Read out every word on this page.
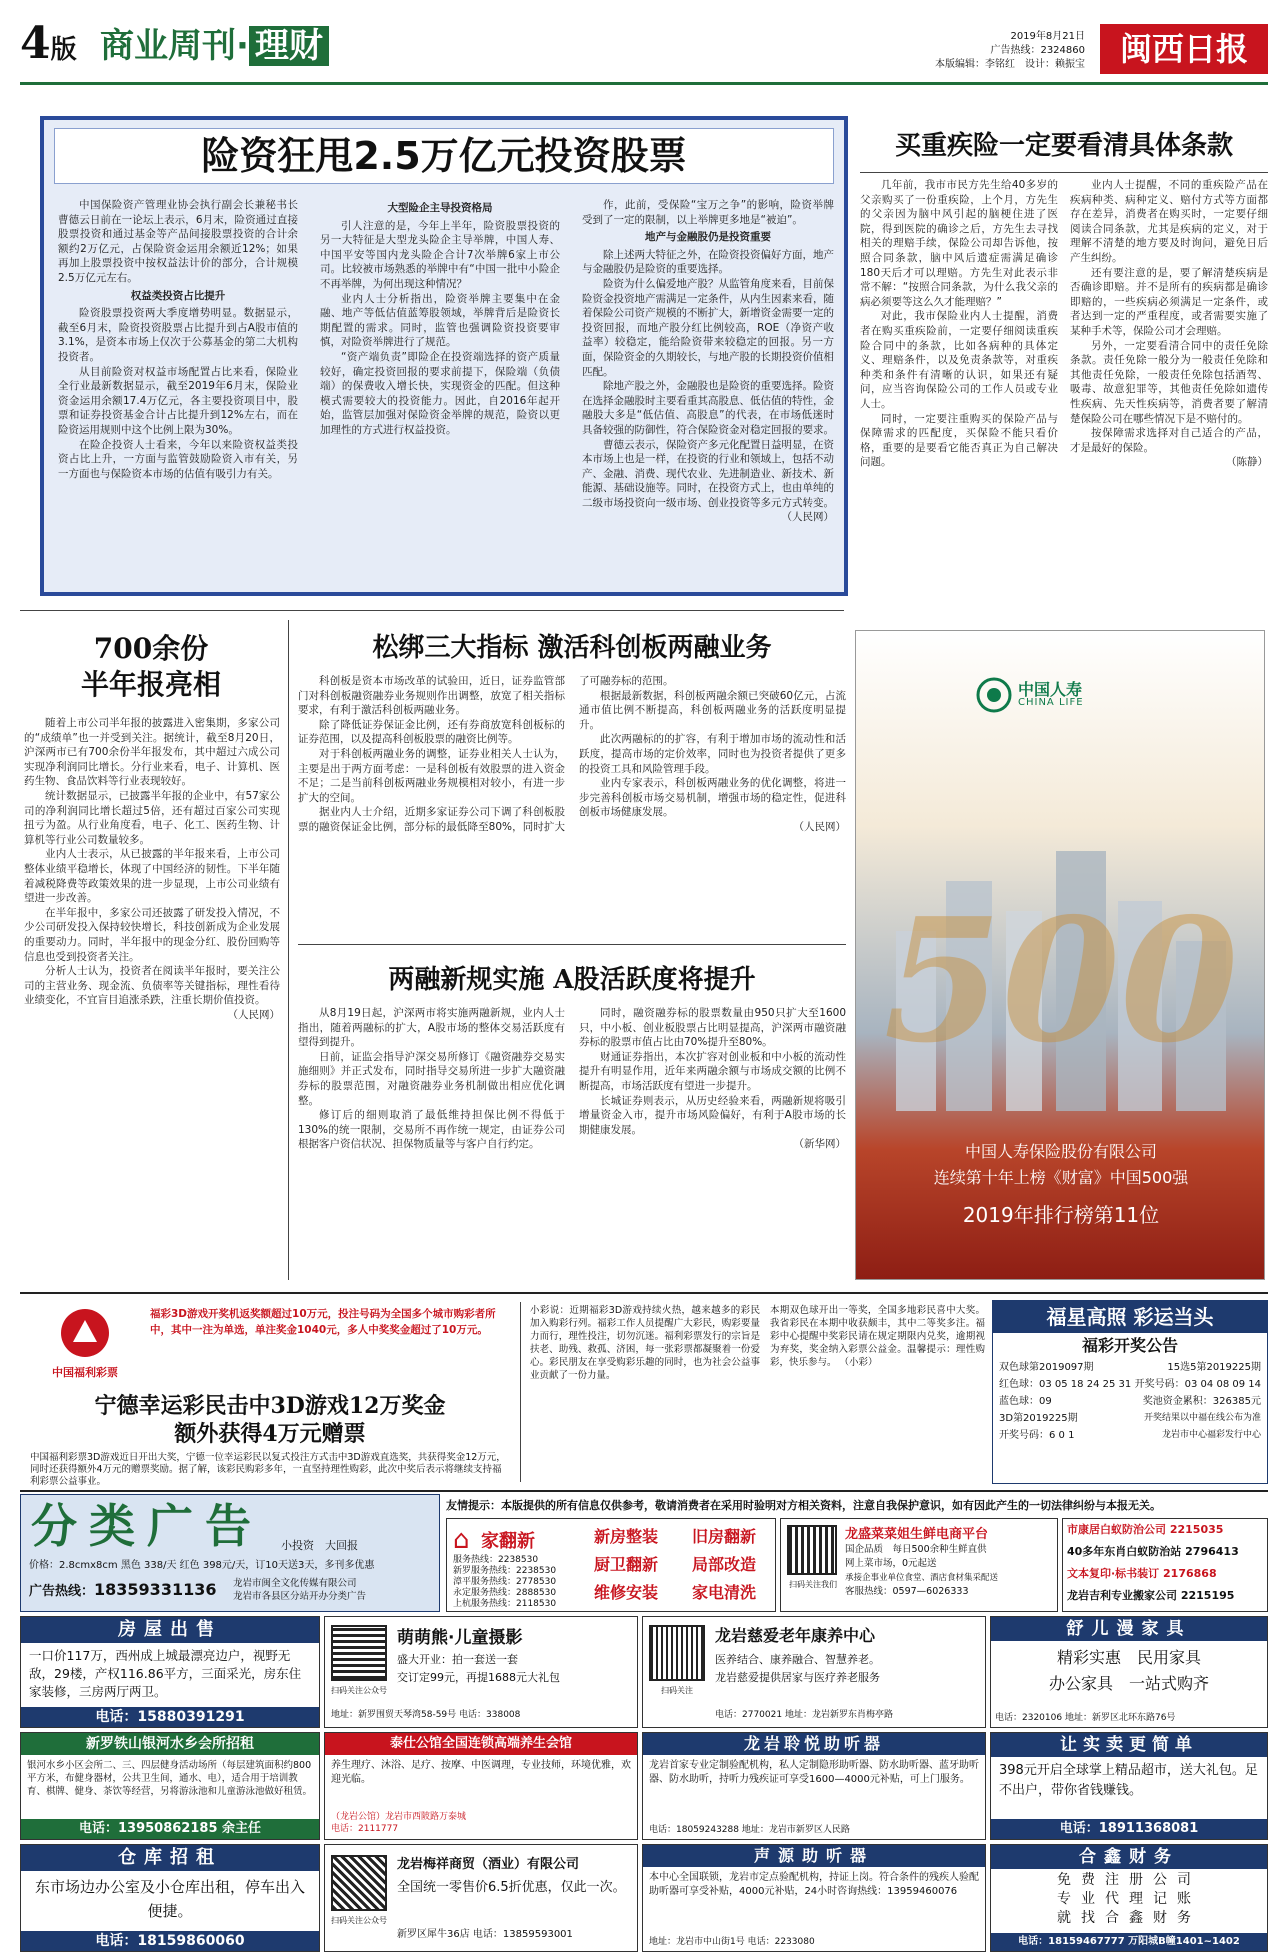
4版 商业周刊· 理财	2019年8月21日
广告热线：2324860
本版编辑：李铭红　设计：赖振宝	闽西日报
险资狂甩2.5万亿元投资股票

中国保险资产管理业协会执行副会长兼秘书长曹德云日前在一论坛上表示，6月末，险资通过直接股票投资和通过基金等产品间接股票投资的合计余额约2万亿元，占保险资金运用余额近12%；如果再加上股票投资中按权益法计价的部分，合计规模2.5万亿元左右。

权益类投资占比提升

险资股票投资两大季度增势明显。数据显示，截至6月末，险资投资股票占比提升到占A股市值的3.1%，是资本市场上仅次于公募基金的第二大机构投资者。

从目前险资对权益市场配置占比来看，保险业全行业最新数据显示，截至2019年6月末，保险业资金运用余额17.4万亿元，各主要投资项目中，股票和证券投资基金合计占比提升到12%左右，而在险资运用规则中这个比例上限为30%。

在险企投资人士看来，今年以来险资权益类投资占比上升，一方面与监管鼓励险资入市有关，另一方面也与保险资本市场的估值有吸引力有关。

大型险企主导投资格局

引人注意的是，今年上半年，险资股票投资的另一大特征是大型龙头险企主导举牌，中国人寿、中国平安等国内龙头险企合计7次举牌6家上市公司。比较被市场熟悉的举牌中有“中国一批中小险企不再举牌，为何出现这种情况？

业内人士分析指出，险资举牌主要集中在金融、地产等低估值蓝筹股领域，举牌背后是险资长期配置的需求。同时，监管也强调险资投资要审慎，对险资举牌进行了规范。

“资产端负责”即险企在投资端选择的资产质量较好，确定投资回报的要求前提下，保险端（负债端）的保费收入增长快，实现资金的匹配。但这种模式需要较大的投资能力。因此，自2016年起开始，监管层加强对保险资金举牌的规范，险资以更加理性的方式进行权益投资。

作，此前，受保险“宝万之争”的影响，险资举牌受到了一定的限制，以上举牌更多地是“被迫”。

地产与金融股仍是投资重要

除上述两大特征之外，在险资投资偏好方面，地产与金融股仍是险资的重要选择。

险资为什么偏爱地产股？从监管角度来看，目前保险资金投资地产需满足一定条件，从内生因素来看，随着保险公司资产规模的不断扩大，新增资金需要一定的投资回报，而地产股分红比例较高，ROE（净资产收益率）较稳定，能给险资带来较稳定的回报。另一方面，保险资金的久期较长，与地产股的长期投资价值相匹配。

除地产股之外，金融股也是险资的重要选择。险资在选择金融股时主要看重其高股息、低估值的特性，金融股大多是“低估值、高股息”的代表，在市场低迷时具备较强的防御性，符合保险资金对稳定回报的要求。

曹德云表示，保险资产多元化配置日益明显，在资本市场上也是一样，在投资的行业和领域上，包括不动产、金融、消费、现代农业、先进制造业、新技术、新能源、基础设施等。同时，在投资方式上，也由单纯的二级市场投资向一级市场、创业投资等多元方式转变。

（人民网）

买重疾险一定要看清具体条款

几年前，我市市民方先生给40多岁的父亲购买了一份重疾险，上个月，方先生的父亲因为脑中风引起的脑梗住进了医院，得到医院的确诊之后，方先生去寻找相关的理赔手续，保险公司却告诉他，按照合同条款，脑中风后遗症需满足确诊180天后才可以理赔。方先生对此表示非常不解：“按照合同条款，为什么我父亲的病必须要等这么久才能理赔？”

对此，我市保险业内人士提醒，消费者在购买重疾险前，一定要仔细阅读重疾险合同中的条款，比如各病种的具体定义、理赔条件，以及免责条款等，对重疾种类和条件有清晰的认识，如果还有疑问，应当咨询保险公司的工作人员或专业人士。

同时，一定要注重购买的保险产品与保障需求的匹配度，买保险不能只看价格，重要的是要看它能否真正为自己解决问题。

业内人士提醒，不同的重疾险产品在疾病种类、病种定义、赔付方式等方面都存在差异，消费者在购买时，一定要仔细阅读合同条款，尤其是疾病的定义，对于理解不清楚的地方要及时询问，避免日后产生纠纷。

还有要注意的是，要了解清楚疾病是否确诊即赔。并不是所有的疾病都是确诊即赔的，一些疾病必须满足一定条件，或者达到一定的严重程度，或者需要实施了某种手术等，保险公司才会理赔。

另外，一定要看清合同中的责任免除条款。责任免除一般分为一般责任免除和其他责任免除，一般责任免除包括酒驾、吸毒、故意犯罪等，其他责任免除如遗传性疾病、先天性疾病等，消费者要了解清楚保险公司在哪些情况下是不赔付的。

按保障需求选择对自己适合的产品，才是最好的保险。

（陈静）

700余份
半年报亮相

随着上市公司半年报的披露进入密集期，多家公司的“成绩单”也一并受到关注。据统计，截至8月20日，沪深两市已有700余份半年报发布，其中超过六成公司实现净利润同比增长。分行业来看，电子、计算机、医药生物、食品饮料等行业表现较好。

统计数据显示，已披露半年报的企业中，有57家公司的净利润同比增长超过5倍，还有超过百家公司实现扭亏为盈。从行业角度看，电子、化工、医药生物、计算机等行业公司数量较多。

业内人士表示，从已披露的半年报来看，上市公司整体业绩平稳增长，体现了中国经济的韧性。下半年随着减税降费等政策效果的进一步显现，上市公司业绩有望进一步改善。

在半年报中，多家公司还披露了研发投入情况，不少公司研发投入保持较快增长，科技创新成为企业发展的重要动力。同时，半年报中的现金分红、股份回购等信息也受到投资者关注。

分析人士认为，投资者在阅读半年报时，要关注公司的主营业务、现金流、负债率等关键指标，理性看待业绩变化，不宜盲目追涨杀跌，注重长期价值投资。

（人民网）

松绑三大指标 激活科创板两融业务

科创板是资本市场改革的试验田，近日，证券监管部门对科创板融资融券业务规则作出调整，放宽了相关指标要求，有利于激活科创板两融业务。

除了降低证券保证金比例，还有券商放宽科创板标的证券范围，以及提高科创板股票的融资比例等。

对于科创板两融业务的调整，证券业相关人士认为，主要是出于两方面考虑：一是科创板有效股票的进入资金不足；二是当前科创板两融业务规模相对较小，有进一步扩大的空间。

据业内人士介绍，近期多家证券公司下调了科创板股票的融资保证金比例，部分标的最低降至80%，同时扩大了可融券标的范围。

根据最新数据，科创板两融余额已突破60亿元，占流通市值比例不断提高，科创板两融业务的活跃度明显提升。

此次两融标的的扩容，有利于增加市场的流动性和活跃度，提高市场的定价效率，同时也为投资者提供了更多的投资工具和风险管理手段。

业内专家表示，科创板两融业务的优化调整，将进一步完善科创板市场交易机制，增强市场的稳定性，促进科创板市场健康发展。

（人民网）

两融新规实施 A股活跃度将提升

从8月19日起，沪深两市将实施两融新规，业内人士指出，随着两融标的扩大，A股市场的整体交易活跃度有望得到提升。

日前，证监会指导沪深交易所修订《融资融券交易实施细则》并正式发布，同时指导交易所进一步扩大融资融券标的股票范围，对融资融券业务机制做出相应优化调整。

修订后的细则取消了最低维持担保比例不得低于130%的统一限制，交易所不再作统一规定，由证券公司根据客户资信状况、担保物质量等与客户自行约定。

同时，融资融券标的股票数量由950只扩大至1600只，中小板、创业板股票占比明显提高，沪深两市融资融券标的股票市值占比由70%提升至80%。

财通证券指出，本次扩容对创业板和中小板的流动性提升有明显作用，近年来两融余额与市场成交额的比例不断提高，市场活跃度有望进一步提升。

长城证券则表示，从历史经验来看，两融新规将吸引增量资金入市，提升市场风险偏好，有利于A股市场的长期健康发展。

（新华网）

中国人寿
CHINA LIFE
500
中国人寿保险股份有限公司
连续第十年上榜《财富》中国500强
2019年排行榜第11位
中国福利彩票
福彩3D游戏开奖机返奖额超过10万元，投注号码为全国多个城市购彩者所中，其中一注为单选，单注奖金1040元，多人中奖奖金超过了10万元。
宁德幸运彩民击中3D游戏12万奖金
额外获得4万元赠票
中国福利彩票3D游戏近日开出大奖，宁德一位幸运彩民以复式投注方式击中3D游戏直选奖，共获得奖金12万元，同时还获得额外4万元的赠票奖励。据了解，该彩民购彩多年，一直坚持理性购彩，此次中奖后表示将继续支持福利彩票公益事业。
小彩说：近期福彩3D游戏持续火热，越来越多的彩民加入购彩行列。福彩工作人员提醒广大彩民，购彩要量力而行，理性投注，切勿沉迷。福利彩票发行的宗旨是扶老、助残、救孤、济困，每一张彩票都凝聚着一份爱心。彩民朋友在享受购彩乐趣的同时，也为社会公益事业贡献了一份力量。
本期双色球开出一等奖，全国多地彩民喜中大奖。我省彩民在本期中收获颇丰，其中二等奖多注。福彩中心提醒中奖彩民请在规定期限内兑奖，逾期视为弃奖，奖金纳入彩票公益金。温馨提示：理性购彩，快乐参与。 （小彩）
福星高照 彩运当头
福彩开奖公告
双色球第2019097期	15选5第2019225期
红色球：03 05 18 24 25 31 开奖号码：03 04 08 09 14
蓝色球：09	奖池资金累积：326385元
3D第2019225期	开奖结果以中福在线公布为准
开奖号码：6 0 1	龙岩市中心福彩发行中心
分类广告 小投资　大回报
价格：2.8cmx8cm 黑色 338/天 红色 398元/天，订10天送3天，多刊多优惠
广告热线：18359331136 龙岩市闽全文化传媒有限公司
龙岩市各县区分站开办分类广告
友情提示：本版提供的所有信息仅供参考，敬请消费者在采用时验明对方相关资料，注意自我保护意识，如有因此产生的一切法律纠纷与本报无关。
⌂ 家翻新
服务热线：2238530
新罗服务热线：2238530
漳平服务热线：2778530
永定服务热线：2888530
上杭服务热线：2118530
新房整装	旧房翻新
厨卫翻新	局部改造
维修安装	家电清洗	扫码关注我们
龙盛菜菜姐生鲜电商平台
国企品质　每日500余种生鲜直供
网上菜市场，0元起送
承接企事业单位食堂、酒店食材集采配送
客服热线：0597—6026333
市康居白蚁防治公司 2215035
40多年东肖白蚁防治站 2796413
文本复印·标书装订 2176868
龙岩吉利专业搬家公司 2215195
房屋出售
一口价117万，西州成上城最漂亮边户，视野无敌，29楼，产权116.86平方，三面采光，房东住家装修，三房两厅两卫。
电话：15880391291
新罗铁山银河水乡会所招租
银河水乡小区会所二、三、四层健身活动场所（每层建筑面积约800平方米，布健身器材，公共卫生间，通水、电），适合用于培训教育、棋牌、健身、茶饮等经营，另将游泳池和儿童游泳池做好租赁。
电话：13950862185 余主任
仓库招租
东市场边办公室及小仓库出租，停车出入便捷。
电话：18159860060
扫码关注公众号
萌萌熊·儿童摄影
盛大开业：拍一套送一套
交订定99元，再提1688元大礼包
地址：新罗围贸天琴湾58-59号 电话：338008
泰仕公馆全国连锁高端养生会馆
养生理疗、沐浴、足疗、按摩、中医调理，专业技师，环境优雅，欢迎光临。
（龙岩公馆）龙岩市西陂路万泰城
电话：2111777
扫码关注公众号
龙岩梅祥商贸（酒业）有限公司
全国统一零售价6.5折优惠，仅此一次。
新罗区犀牛36店 电话：13859593001
扫码关注
龙岩慈爱老年康养中心
医养结合、康养融合、智慧养老。
龙岩慈爱提供居家与医疗养老服务
电话：2770021 地址：龙岩新罗东肖梅亭路
龙岩聆悦助听器
龙岩首家专业定制验配机构，私人定制隐形助听器、防水助听器、蓝牙助听器、防水助听，持听力残疾证可享受1600—4000元补贴，可上门服务。
电话：18059243288 地址：龙岩市新罗区人民路
声源助听器
本中心全国联锁，龙岩市定点验配机构，持证上岗。符合条件的残疾人验配助听器可享受补贴，4000元补贴，24小时咨询热线：13959460076
地址：龙岩市中山街1号 电话：2233080
舒儿漫家具
精彩实惠　民用家具
办公家具　一站式购齐
电话：2320106 地址：新罗区北环东路76号
让实卖更简单
398元开启全球掌上精品超市，送大礼包。足不出户，带你省钱赚钱。
电话：18911368081
合鑫财务
免费注册公司
专业代理记账
就找合鑫财务
电话：18159467777 万阳城B幢1401~1402
